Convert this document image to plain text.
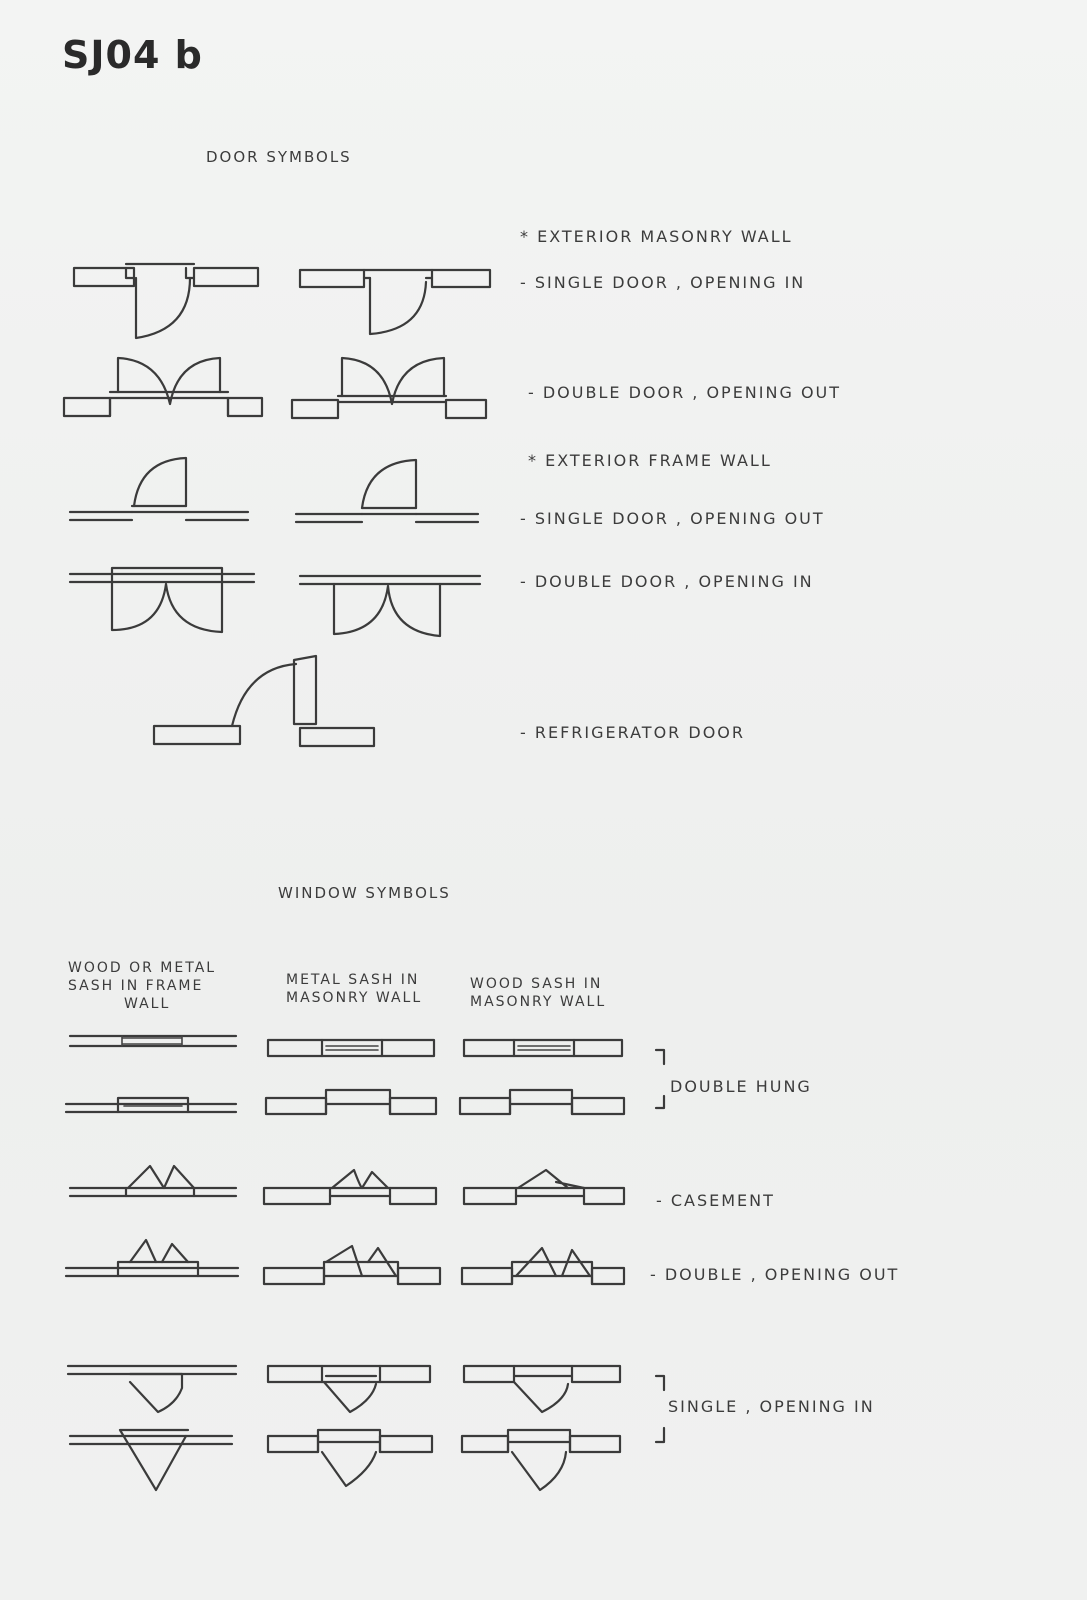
SJ04 b
DOOR SYMBOLS
* EXTERIOR MASONRY WALL
- SINGLE DOOR , OPENING IN
- DOUBLE DOOR , OPENING OUT
* EXTERIOR FRAME WALL
- SINGLE DOOR , OPENING OUT
- DOUBLE DOOR , OPENING IN
- REFRIGERATOR DOOR
WINDOW SYMBOLS
WOOD OR METAL
SASH IN FRAME
WALL
METAL SASH IN
MASONRY WALL
WOOD SASH IN
MASONRY WALL
DOUBLE HUNG
- CASEMENT
- DOUBLE , OPENING OUT
SINGLE , OPENING IN
